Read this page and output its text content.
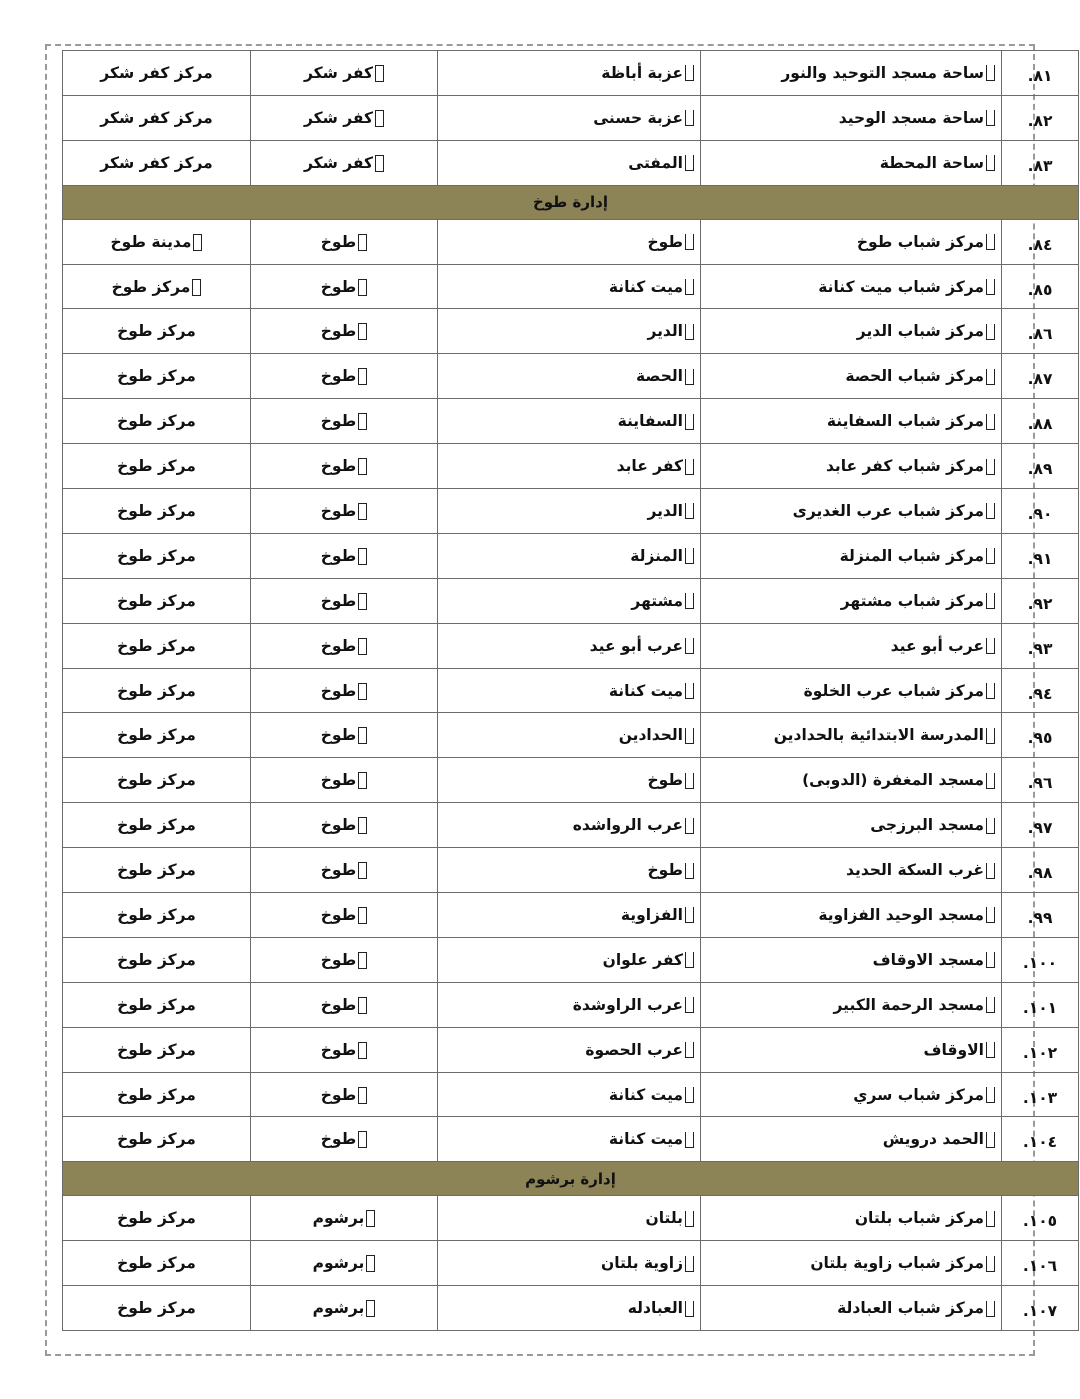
٨١.	ساحة مسجد التوحيد والنور	عزبة أباظة	كفر شكر	مركز كفر شكر
٨٢.	ساحة مسجد الوحيد	عزبة حسنى	كفر شكر	مركز كفر شكر
٨٣.	ساحة المحطة	المفتى	كفر شكر	مركز كفر شكر
إدارة طوخ				
٨٤.	مركز شباب طوخ	طوخ	طوخ	مدينة طوخ
٨٥.	مركز شباب ميت كنانة	ميت كنانة	طوخ	مركز طوخ
٨٦.	مركز شباب الدير	الدير	طوخ	مركز طوخ
٨٧.	مركز شباب الحصة	الحصة	طوخ	مركز طوخ
٨٨.	مركز شباب السفاينة	السفاينة	طوخ	مركز طوخ
٨٩.	مركز شباب كفر عابد	كفر عابد	طوخ	مركز طوخ
٩٠.	مركز شباب عرب الغديرى	الدير	طوخ	مركز طوخ
٩١.	مركز شباب المنزلة	المنزلة	طوخ	مركز طوخ
٩٢.	مركز شباب مشتهر	مشتهر	طوخ	مركز طوخ
٩٣.	عرب أبو عيد	عرب أبو عيد	طوخ	مركز طوخ
٩٤.	مركز شباب عرب الخلوة	ميت كنانة	طوخ	مركز طوخ
٩٥.	المدرسة الابتدائية بالحدادين	الحدادين	طوخ	مركز طوخ
٩٦.	مسجد المغفرة (الدوبى)	طوخ	طوخ	مركز طوخ
٩٧.	مسجد البرزجى	عرب الرواشده	طوخ	مركز طوخ
٩٨.	غرب السكة الحديد	طوخ	طوخ	مركز طوخ
٩٩.	مسجد الوحيد الفزاوية	الفزاوية	طوخ	مركز طوخ
١٠٠.	مسجد الاوقاف	كفر علوان	طوخ	مركز طوخ
١٠١.	مسجد الرحمة الكبير	عرب الراوشدة	طوخ	مركز طوخ
١٠٢.	الاوقاف	عرب الحصوة	طوخ	مركز طوخ
١٠٣.	مركز شباب سري	ميت كنانة	طوخ	مركز طوخ
١٠٤.	الحمد درويش	ميت كنانة	طوخ	مركز طوخ
إدارة برشوم				
١٠٥.	مركز شباب بلتان	بلتان	برشوم	مركز طوخ
١٠٦.	مركز شباب زاوية بلتان	زاوية بلتان	برشوم	مركز طوخ
١٠٧.	مركز شباب العبادلة	العبادله	برشوم	مركز طوخ
